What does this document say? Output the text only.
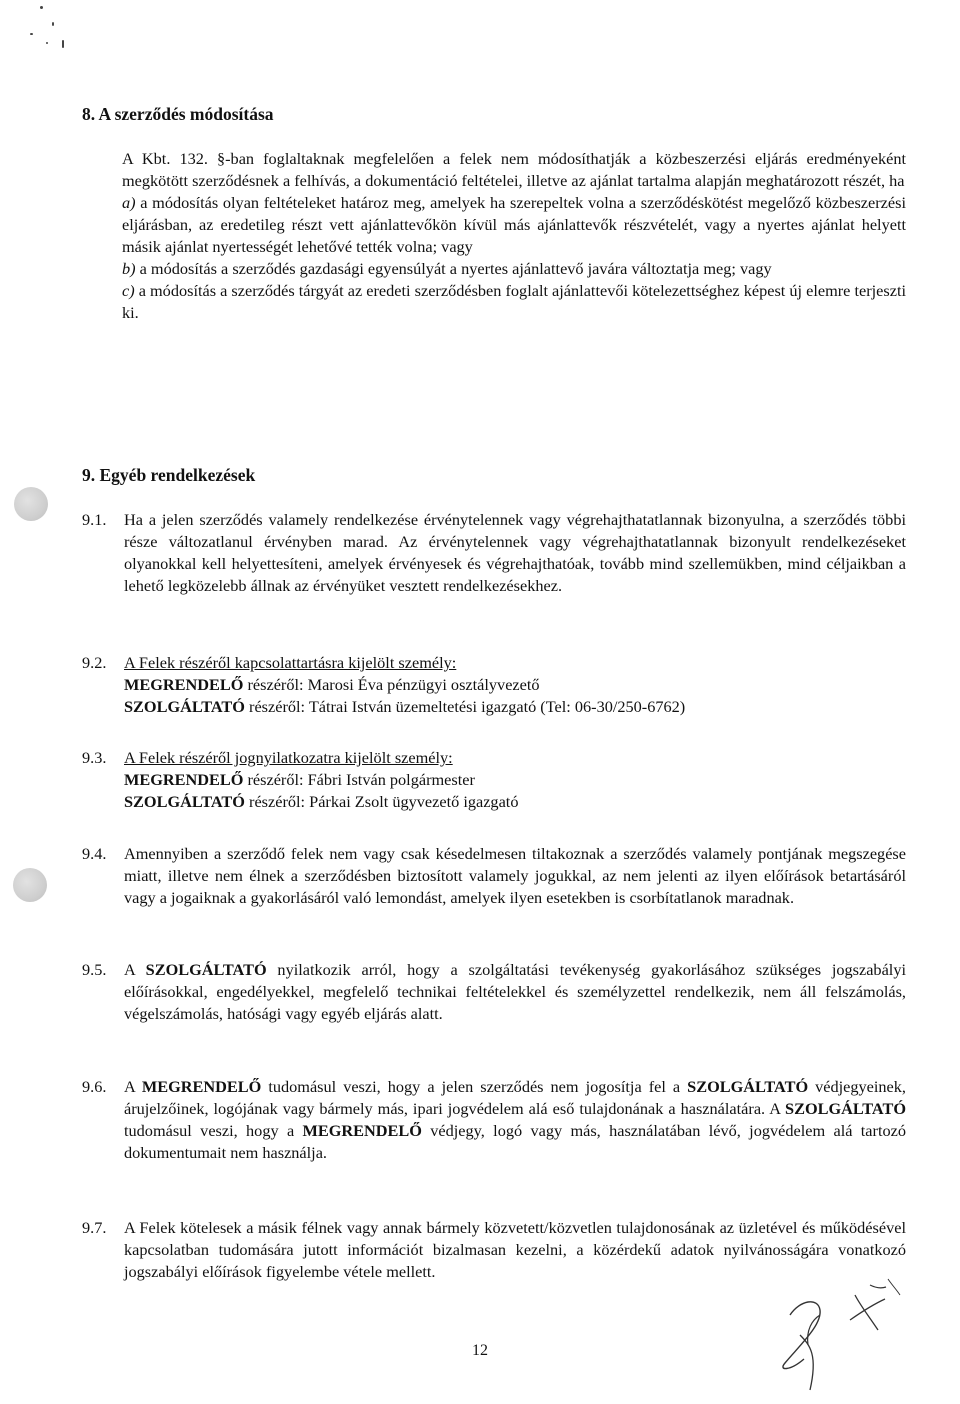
8. A szerződés módosítása

A Kbt. 132. §-ban foglaltaknak megfelelően a felek nem módosíthatják a közbeszerzési eljárás eredményeként megkötött szerződésnek a felhívás, a dokumentáció feltételei, illetve az ajánlat tartalma alapján meghatározott részét, ha

a) a módosítás olyan feltételeket határoz meg, amelyek ha szerepeltek volna a szerződéskötést megelőző közbeszerzési eljárásban, az eredetileg részt vett ajánlattevőkön kívül más ajánlattevők részvételét, vagy a nyertes ajánlat helyett másik ajánlat nyertességét lehetővé tették volna; vagy

b) a módosítás a szerződés gazdasági egyensúlyát a nyertes ajánlattevő javára változtatja meg; vagy

c) a módosítás a szerződés tárgyát az eredeti szerződésben foglalt ajánlattevői kötelezettséghez képest új elemre terjeszti ki.

9. Egyéb rendelkezések
9.1. Ha a jelen szerződés valamely rendelkezése érvénytelennek vagy végrehajthatatlannak bizonyulna, a szerződés többi része változatlanul érvényben marad. Az érvénytelennek vagy végrehajthatatlannak bizonyult rendelkezéseket olyanokkal kell helyettesíteni, amelyek érvényesek és végrehajthatóak, tovább mind szellemükben, mind céljaikban a lehető legközelebb állnak az érvényüket vesztett rendelkezésekhez.

9.2. A Felek részéről kapcsolattartásra kijelölt személy:

MEGRENDELŐ részéről: Marosi Éva pénzügyi osztályvezető

SZOLGÁLTATÓ részéről: Tátrai István üzemeltetési igazgató (Tel: 06-30/250-6762)

9.3. A Felek részéről jognyilatkozatra kijelölt személy:

MEGRENDELŐ részéről: Fábri István polgármester

SZOLGÁLTATÓ részéről: Párkai Zsolt ügyvezető igazgató

9.4. Amennyiben a szerződő felek nem vagy csak késedelmesen tiltakoznak a szerződés valamely pontjának megszegése miatt, illetve nem élnek a szerződésben biztosított valamely jogukkal, az nem jelenti az ilyen előírások betartásáról vagy a jogaiknak a gyakorlásáról való lemondást, amelyek ilyen esetekben is csorbítatlanok maradnak.

9.5. A SZOLGÁLTATÓ nyilatkozik arról, hogy a szolgáltatási tevékenység gyakorlásához szükséges jogszabályi előírásokkal, engedélyekkel, megfelelő technikai feltételekkel és személyzettel rendelkezik, nem áll felszámolás, végelszámolás, hatósági vagy egyéb eljárás alatt.

9.6. A MEGRENDELŐ tudomásul veszi, hogy a jelen szerződés nem jogosítja fel a SZOLGÁLTATÓ védjegyeinek, árujelzőinek, logójának vagy bármely más, ipari jogvédelem alá eső tulajdonának a használatára. A SZOLGÁLTATÓ tudomásul veszi, hogy a MEGRENDELŐ védjegy, logó vagy más, használatában lévő, jogvédelem alá tartozó dokumentumait nem használja.

9.7. A Felek kötelesek a másik félnek vagy annak bármely közvetett/közvetlen tulajdonosának az üzletével és működésével kapcsolatban tudomására jutott információt bizalmasan kezelni, a közérdekű adatok nyilvánosságára vonatkozó jogszabályi előírások figyelembe vétele mellett.

12
